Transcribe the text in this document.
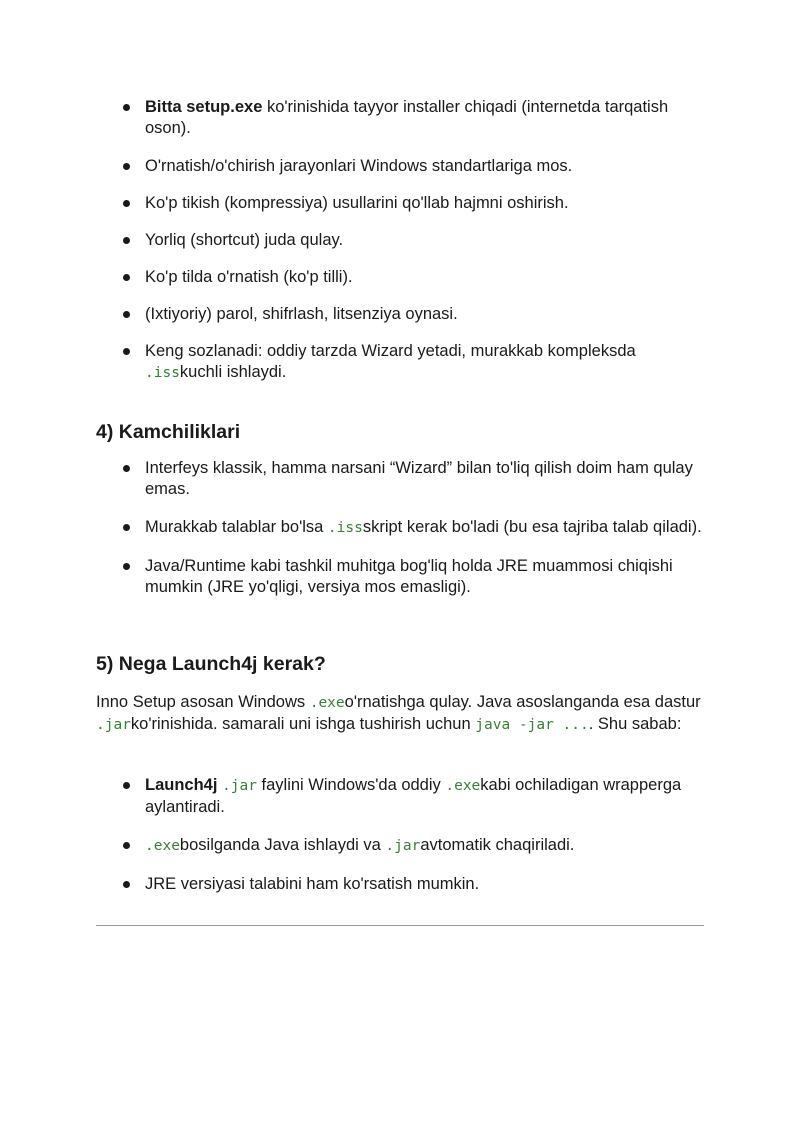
Bitta setup.exe ko'rinishida tayyor installer chiqadi (internetda tarqatish oson).
O'rnatish/o'chirish jarayonlari Windows standartlariga mos.
Ko'p tikish (kompressiya) usullarini qo'llab hajmni oshirish.
Yorliq (shortcut) juda qulay.
Ko'p tilda o'rnatish (ko'p tilli).
(Ixtiyoriy) parol, shifrlash, litsenziya oynasi.
Keng sozlanadi: oddiy tarzda Wizard yetadi, murakkab kompleksda
.isskuchli ishlaydi.
4) Kamchiliklari
Interfeys klassik, hamma narsani “Wizard” bilan to'liq qilish doim ham qulay emas.
Murakkab talablar bo'lsa .issskript kerak bo'ladi (bu esa tajriba talab qiladi).
Java/Runtime kabi tashkil muhitga bog'liq holda JRE muammosi chiqishi mumkin (JRE yo'qligi, versiya mos emasligi).
5) Nega Launch4j kerak?

Inno Setup asosan Windows .exeo'rnatishga qulay. Java asoslanganda esa dastur .jarko'rinishida. samarali uni ishga tushirish uchun java -jar .... Shu sabab:

Launch4j .jar faylini Windows'da oddiy .exekabi ochiladigan wrapperga aylantiradi.
.exebosilganda Java ishlaydi va .jaravtomatik chaqiriladi.
JRE versiyasi talabini ham ko'rsatish mumkin.
